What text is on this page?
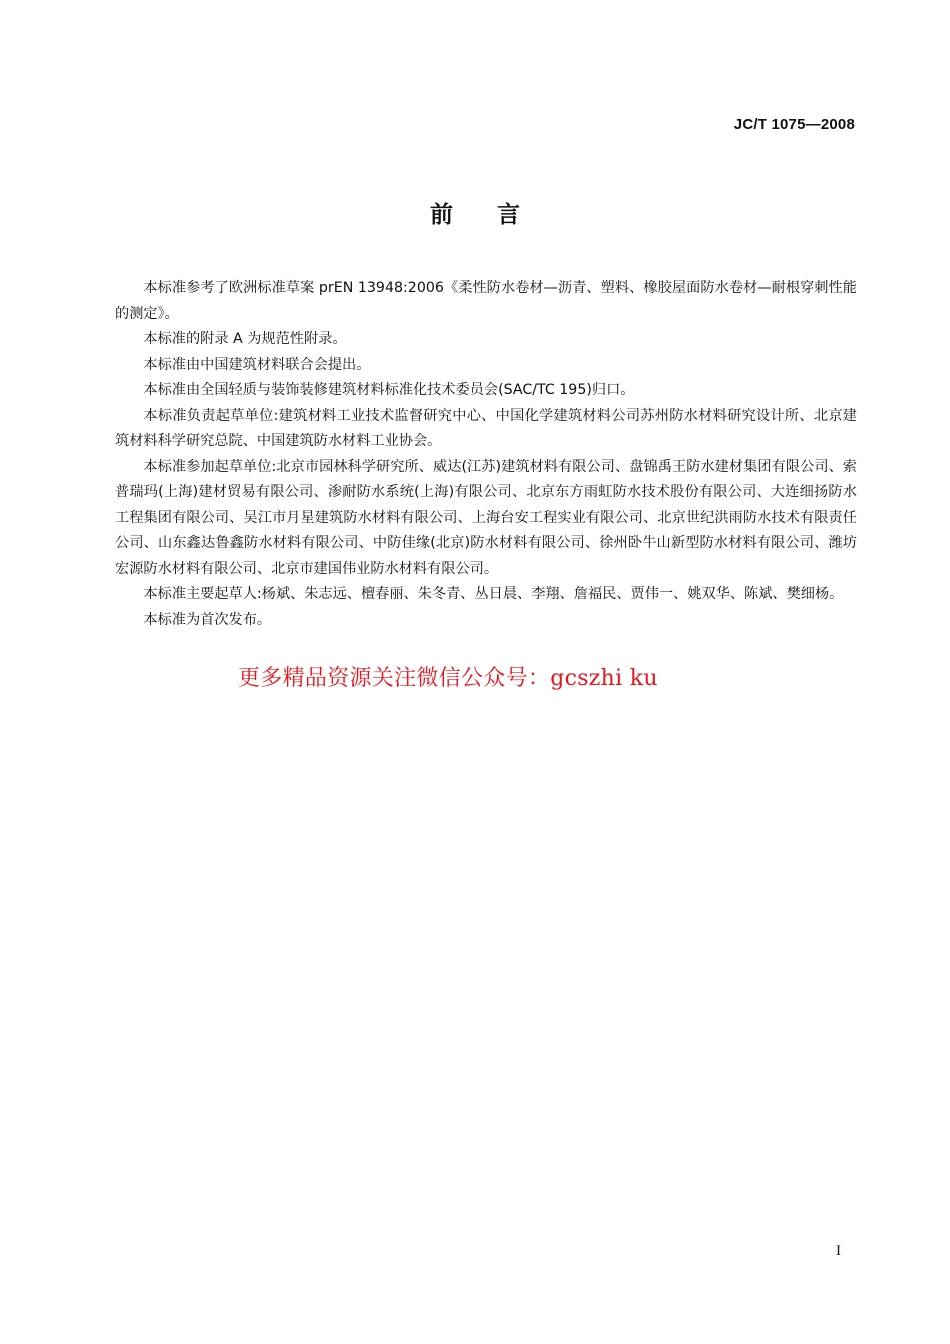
JC/T 1075—2008
前言

本标准参考了欧洲标准草案 prEN 13948:2006《柔性防水卷材—沥青、塑料、橡胶屋面防水卷材—耐根穿刺性能的测定》。

本标准的附录 A 为规范性附录。

本标准由中国建筑材料联合会提出。

本标准由全国轻质与装饰装修建筑材料标准化技术委员会(SAC/TC 195)归口。

本标准负责起草单位:建筑材料工业技术监督研究中心、中国化学建筑材料公司苏州防水材料研究设计所、北京建筑材料科学研究总院、中国建筑防水材料工业协会。

本标准参加起草单位:北京市园林科学研究所、威达(江苏)建筑材料有限公司、盘锦禹王防水建材集团有限公司、索普瑞玛(上海)建材贸易有限公司、渗耐防水系统(上海)有限公司、北京东方雨虹防水技术股份有限公司、大连细扬防水工程集团有限公司、吴江市月星建筑防水材料有限公司、上海台安工程实业有限公司、北京世纪洪雨防水技术有限责任公司、山东鑫达鲁鑫防水材料有限公司、中防佳缘(北京)防水材料有限公司、徐州卧牛山新型防水材料有限公司、潍坊宏源防水材料有限公司、北京市建国伟业防水材料有限公司。

本标准主要起草人:杨斌、朱志远、檀春丽、朱冬青、丛日晨、李翔、詹福民、贾伟一、姚双华、陈斌、樊细杨。

本标准为首次发布。

更多精品资源关注微信公众号：gcszhi ku
I
